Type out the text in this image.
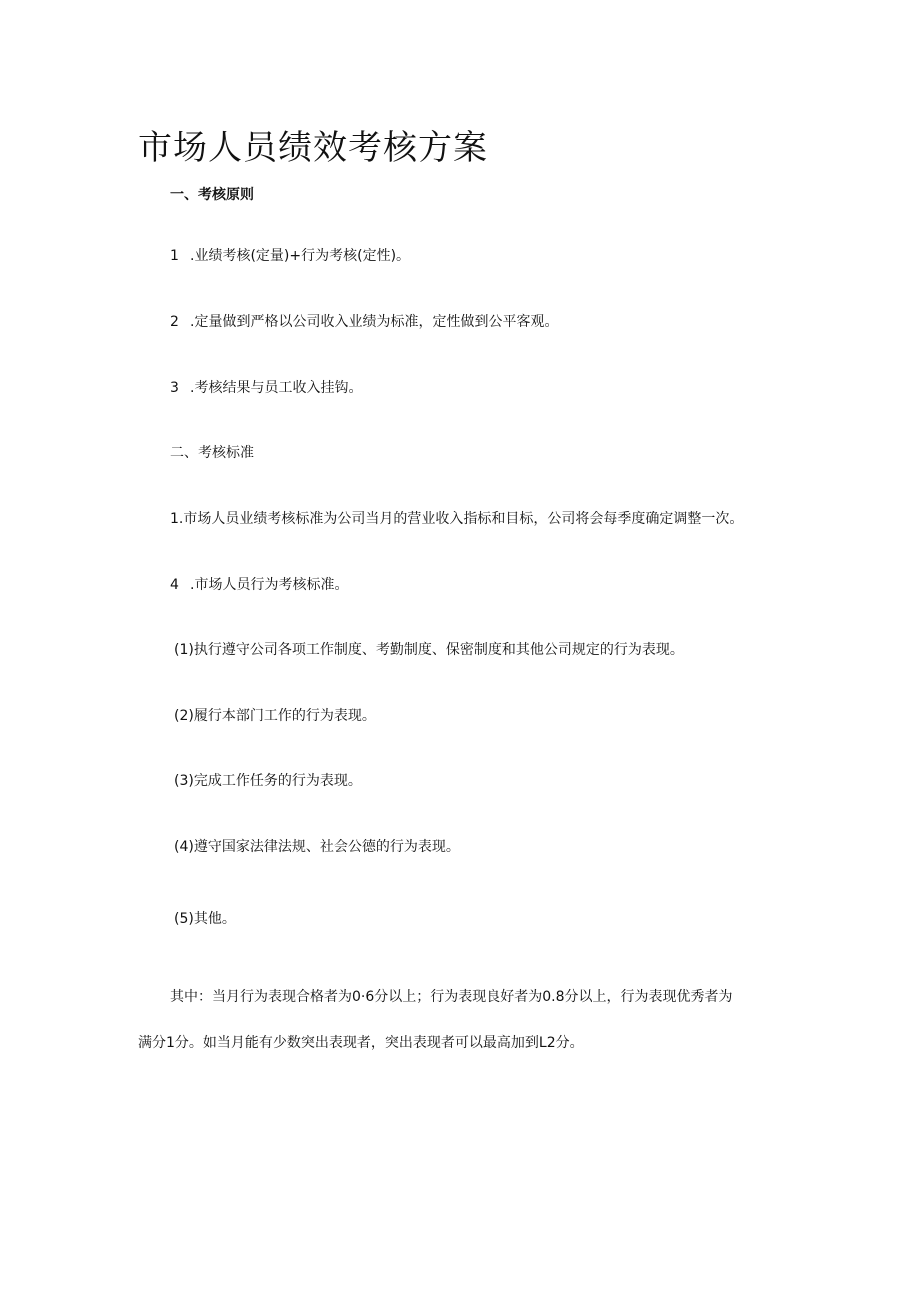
市场人员绩效考核方案
一、考核原则
1 .业绩考核(定量)+行为考核(定性)。
2 .定量做到严格以公司收入业绩为标准，定性做到公平客观。
3 .考核结果与员工收入挂钩。
二、考核标准
1.市场人员业绩考核标准为公司当月的营业收入指标和目标，公司将会每季度确定调整一次。
4 .市场人员行为考核标准。
(1)执行遵守公司各项工作制度、考勤制度、保密制度和其他公司规定的行为表现。
(2)履行本部门工作的行为表现。
(3)完成工作任务的行为表现。
(4)遵守国家法律法规、社会公德的行为表现。
(5)其他。
其中：当月行为表现合格者为0·6分以上；行为表现良好者为0.8分以上，行为表现优秀者为
满分1分。如当月能有少数突出表现者，突出表现者可以最高加到L2分。
